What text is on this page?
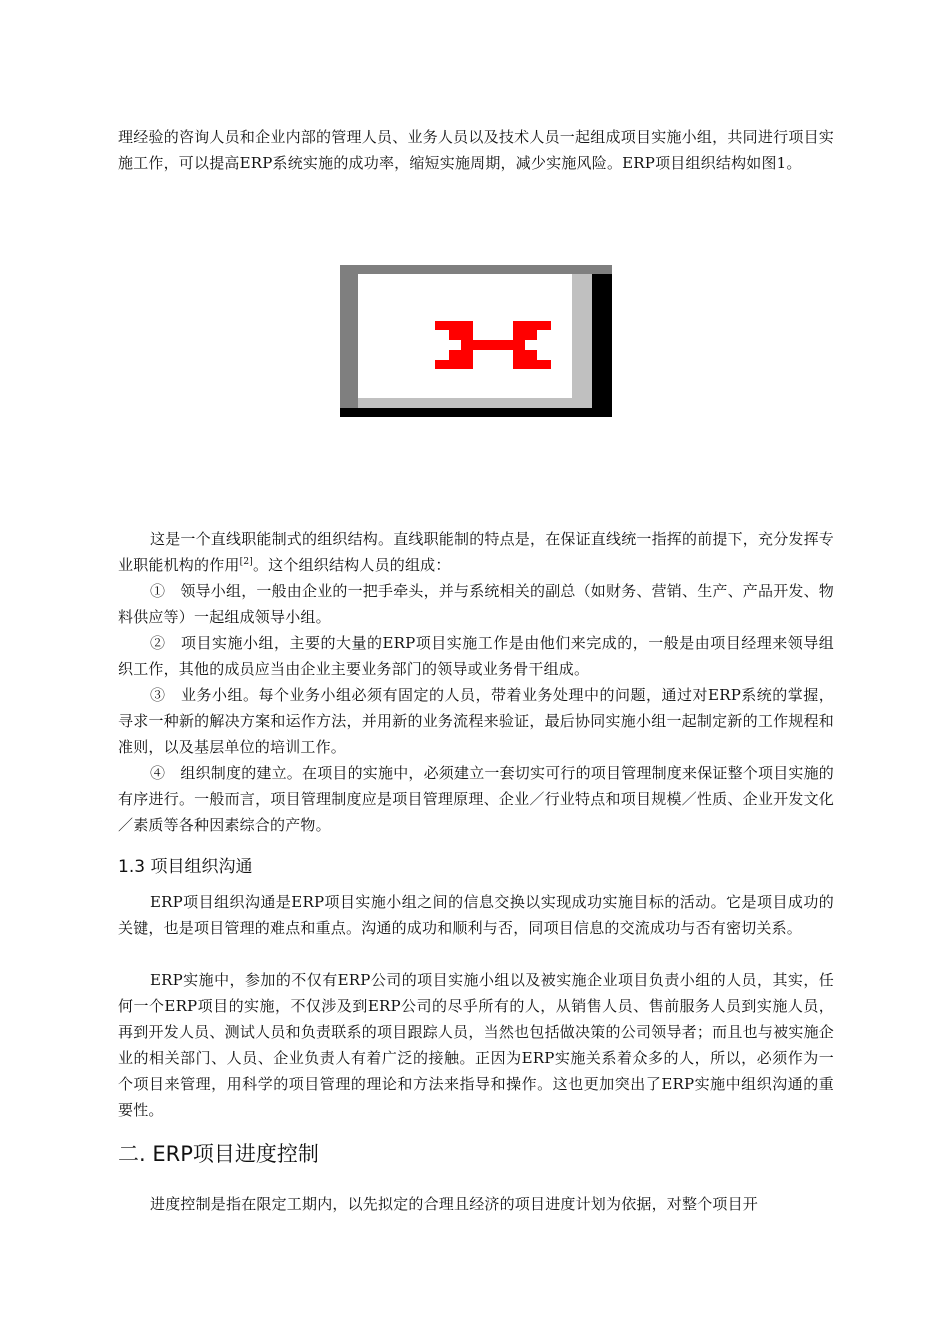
理经验的咨询人员和企业内部的管理人员、业务人员以及技术人员一起组成项目实施小组，共同进行项目实施工作，可以提高ERP系统实施的成功率，缩短实施周期，减少实施风险。ERP项目组织结构如图1。

这是一个直线职能制式的组织结构。直线职能制的特点是，在保证直线统一指挥的前提下，充分发挥专业职能机构的作用[2]。这个组织结构人员的组成：

①　领导小组，一般由企业的一把手牵头，并与系统相关的副总（如财务、营销、生产、产品开发、物料供应等）一起组成领导小组。

②　项目实施小组，主要的大量的ERP项目实施工作是由他们来完成的，一般是由项目经理来领导组织工作，其他的成员应当由企业主要业务部门的领导或业务骨干组成。

③　业务小组。每个业务小组必须有固定的人员，带着业务处理中的问题，通过对ERP系统的掌握，寻求一种新的解决方案和运作方法，并用新的业务流程来验证，最后协同实施小组一起制定新的工作规程和准则，以及基层单位的培训工作。

④　组织制度的建立。在项目的实施中，必须建立一套切实可行的项目管理制度来保证整个项目实施的有序进行。一般而言，项目管理制度应是项目管理原理、企业／行业特点和项目规模／性质、企业开发文化／素质等各种因素综合的产物。

1.3 项目组织沟通

ERP项目组织沟通是ERP项目实施小组之间的信息交换以实现成功实施目标的活动。它是项目成功的关键，也是项目管理的难点和重点。沟通的成功和顺利与否，同项目信息的交流成功与否有密切关系。

ERP实施中，参加的不仅有ERP公司的项目实施小组以及被实施企业项目负责小组的人员，其实，任何一个ERP项目的实施，不仅涉及到ERP公司的尽乎所有的人，从销售人员、售前服务人员到实施人员，再到开发人员、测试人员和负责联系的项目跟踪人员，当然也包括做决策的公司领导者；而且也与被实施企业的相关部门、人员、企业负责人有着广泛的接触。正因为ERP实施关系着众多的人，所以，必须作为一个项目来管理，用科学的项目管理的理论和方法来指导和操作。这也更加突出了ERP实施中组织沟通的重要性。

二. ERP项目进度控制

进度控制是指在限定工期内，以先拟定的合理且经济的项目进度计划为依据，对整个项目开
